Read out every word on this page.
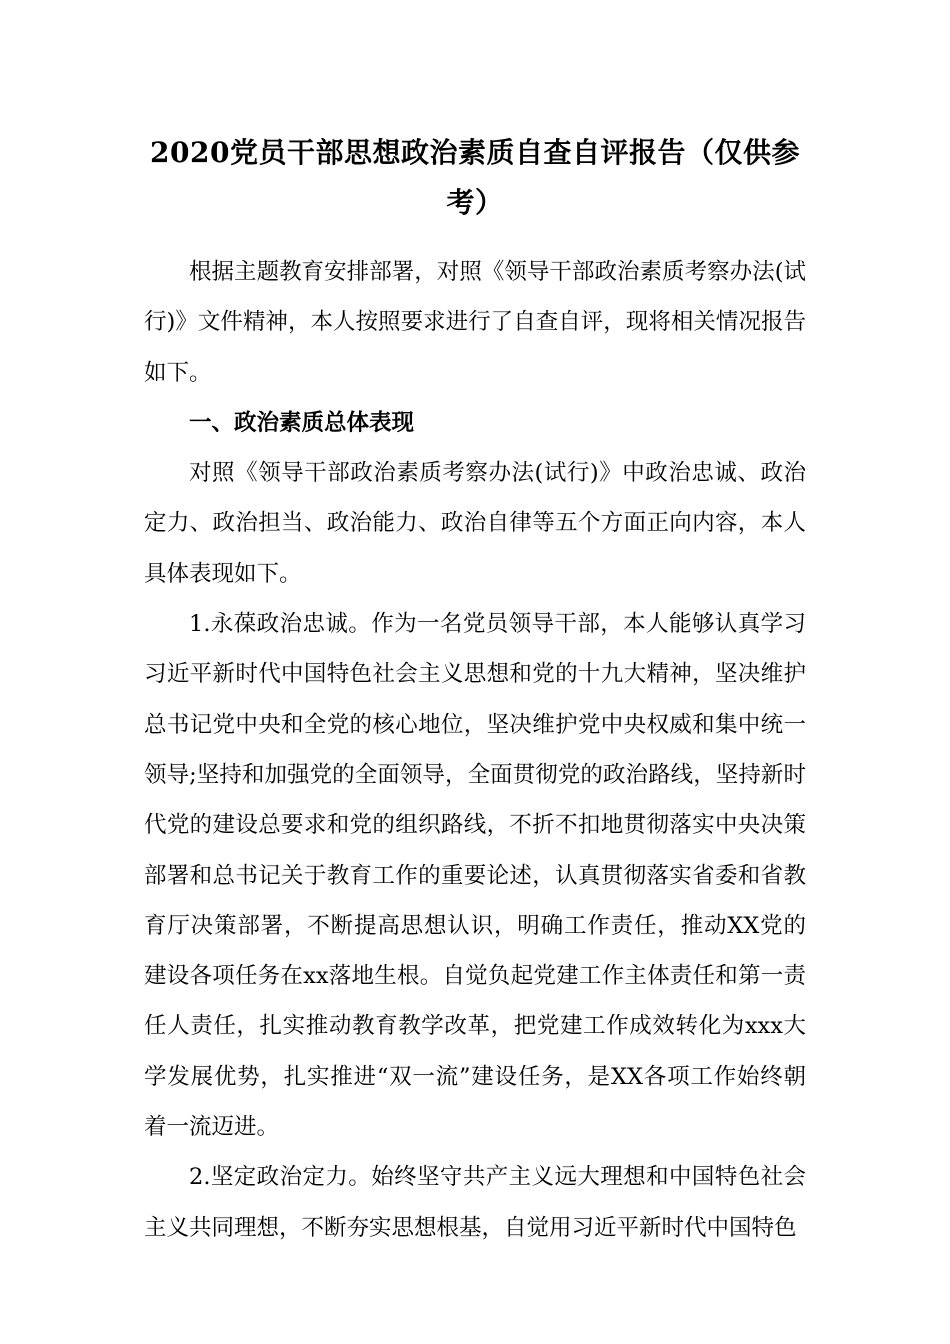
2020党员干部思想政治素质自查自评报告（仅供参考）

根据主题教育安排部署，对照《领导干部政治素质考察办法(试行)》文件精神，本人按照要求进行了自查自评，现将相关情况报告如下。

一、政治素质总体表现

对照《领导干部政治素质考察办法(试行)》中政治忠诚、政治定力、政治担当、政治能力、政治自律等五个方面正向内容，本人具体表现如下。

1.永葆政治忠诚。作为一名党员领导干部，本人能够认真学习习近平新时代中国特色社会主义思想和党的十九大精神，坚决维护总书记党中央和全党的核心地位，坚决维护党中央权威和集中统一领导;坚持和加强党的全面领导，全面贯彻党的政治路线，坚持新时代党的建设总要求和党的组织路线，不折不扣地贯彻落实中央决策部署和总书记关于教育工作的重要论述，认真贯彻落实省委和省教育厅决策部署，不断提高思想认识，明确工作责任，推动XX党的建设各项任务在xx落地生根。自觉负起党建工作主体责任和第一责任人责任，扎实推动教育教学改革，把党建工作成效转化为xxx大学发展优势，扎实推进“双一流”建设任务，是XX各项工作始终朝着一流迈进。

2.坚定政治定力。始终坚守共产主义远大理想和中国特色社会主义共同理想，不断夯实思想根基，自觉用习近平新时代中国特色
